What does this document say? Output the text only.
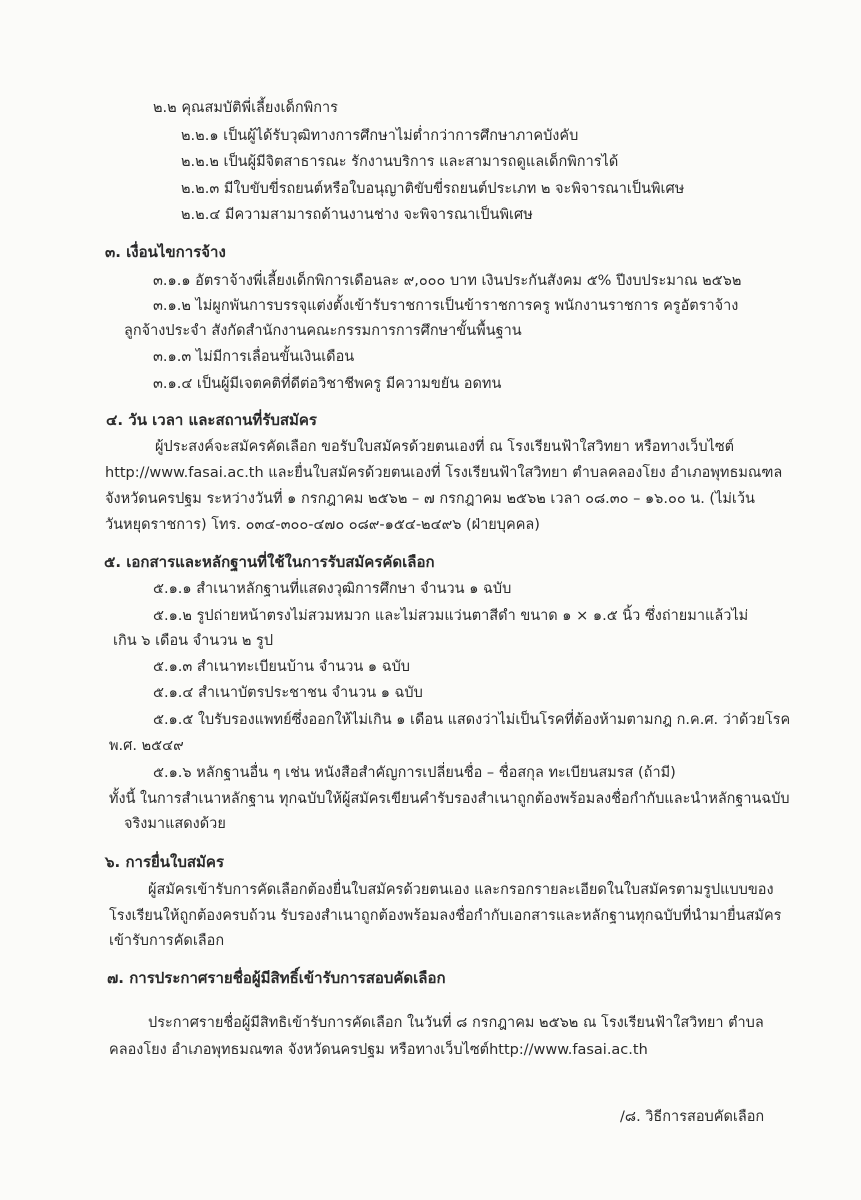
๒.๒ คุณสมบัติพี่เลี้ยงเด็กพิการ
๒.๒.๑ เป็นผู้ได้รับวุฒิทางการศึกษาไม่ต่ำกว่าการศึกษาภาคบังคับ
๒.๒.๒ เป็นผู้มีจิตสาธารณะ รักงานบริการ และสามารถดูแลเด็กพิการได้
๒.๒.๓ มีใบขับขี่รถยนต์หรือใบอนุญาติขับขี่รถยนต์ประเภท ๒ จะพิจารณาเป็นพิเศษ
๒.๒.๔ มีความสามารถด้านงานช่าง จะพิจารณาเป็นพิเศษ
๓. เงื่อนไขการจ้าง
๓.๑.๑ อัตราจ้างพี่เลี้ยงเด็กพิการเดือนละ ๙,๐๐๐ บาท เงินประกันสังคม ๕% ปีงบประมาณ ๒๕๖๒
๓.๑.๒ ไม่ผูกพันการบรรจุแต่งตั้งเข้ารับราชการเป็นข้าราชการครู พนักงานราชการ ครูอัตราจ้าง
ลูกจ้างประจำ สังกัดสำนักงานคณะกรรมการการศึกษาขั้นพื้นฐาน
๓.๑.๓ ไม่มีการเลื่อนขั้นเงินเดือน
๓.๑.๔ เป็นผู้มีเจตคติที่ดีต่อวิชาชีพครู มีความขยัน อดทน
๔. วัน เวลา และสถานที่รับสมัคร
ผู้ประสงค์จะสมัครคัดเลือก ขอรับใบสมัครด้วยตนเองที่ ณ โรงเรียนฟ้าใสวิทยา หรือทางเว็บไซต์
http://www.fasai.ac.th และยื่นใบสมัครด้วยตนเองที่ โรงเรียนฟ้าใสวิทยา ตำบลคลองโยง อำเภอพุทธมณฑล
จังหวัดนครปฐม ระหว่างวันที่ ๑ กรกฎาคม ๒๕๖๒ – ๗ กรกฎาคม ๒๕๖๒ เวลา ๐๘.๓๐ – ๑๖.๐๐ น. (ไม่เว้น
วันหยุดราชการ) โทร. ๐๓๔-๓๐๐-๔๗๐ ๐๘๙-๑๕๔-๒๔๙๖ (ฝ่ายบุคคล)
๕. เอกสารและหลักฐานที่ใช้ในการรับสมัครคัดเลือก
๕.๑.๑ สำเนาหลักฐานที่แสดงวุฒิการศึกษา จำนวน ๑ ฉบับ
๕.๑.๒ รูปถ่ายหน้าตรงไม่สวมหมวก และไม่สวมแว่นตาสีดำ ขนาด ๑ × ๑.๕ นิ้ว ซึ่งถ่ายมาแล้วไม่
เกิน ๖ เดือน จำนวน ๒ รูป
๕.๑.๓ สำเนาทะเบียนบ้าน จำนวน ๑ ฉบับ
๕.๑.๔ สำเนาบัตรประชาชน จำนวน ๑ ฉบับ
๕.๑.๕ ใบรับรองแพทย์ซึ่งออกให้ไม่เกิน ๑ เดือน แสดงว่าไม่เป็นโรคที่ต้องห้ามตามกฎ ก.ค.ศ. ว่าด้วยโรค
พ.ศ. ๒๕๔๙
๕.๑.๖ หลักฐานอื่น ๆ เช่น หนังสือสำคัญการเปลี่ยนชื่อ – ชื่อสกุล ทะเบียนสมรส (ถ้ามี)
ทั้งนี้ ในการสำเนาหลักฐาน ทุกฉบับให้ผู้สมัครเขียนคำรับรองสำเนาถูกต้องพร้อมลงชื่อกำกับและนำหลักฐานฉบับ
จริงมาแสดงด้วย
๖. การยื่นใบสมัคร
ผู้สมัครเข้ารับการคัดเลือกต้องยื่นใบสมัครด้วยตนเอง และกรอกรายละเอียดในใบสมัครตามรูปแบบของ
โรงเรียนให้ถูกต้องครบถ้วน รับรองสำเนาถูกต้องพร้อมลงชื่อกำกับเอกสารและหลักฐานทุกฉบับที่นำมายื่นสมัคร
เข้ารับการคัดเลือก
๗. การประกาศรายชื่อผู้มีสิทธิ์เข้ารับการสอบคัดเลือก
ประกาศรายชื่อผู้มีสิทธิเข้ารับการคัดเลือก ในวันที่ ๘ กรกฎาคม ๒๕๖๒ ณ โรงเรียนฟ้าใสวิทยา ตำบล
คลองโยง อำเภอพุทธมณฑล จังหวัดนครปฐม หรือทางเว็บไซต์http://www.fasai.ac.th
/๘. วิธีการสอบคัดเลือก
